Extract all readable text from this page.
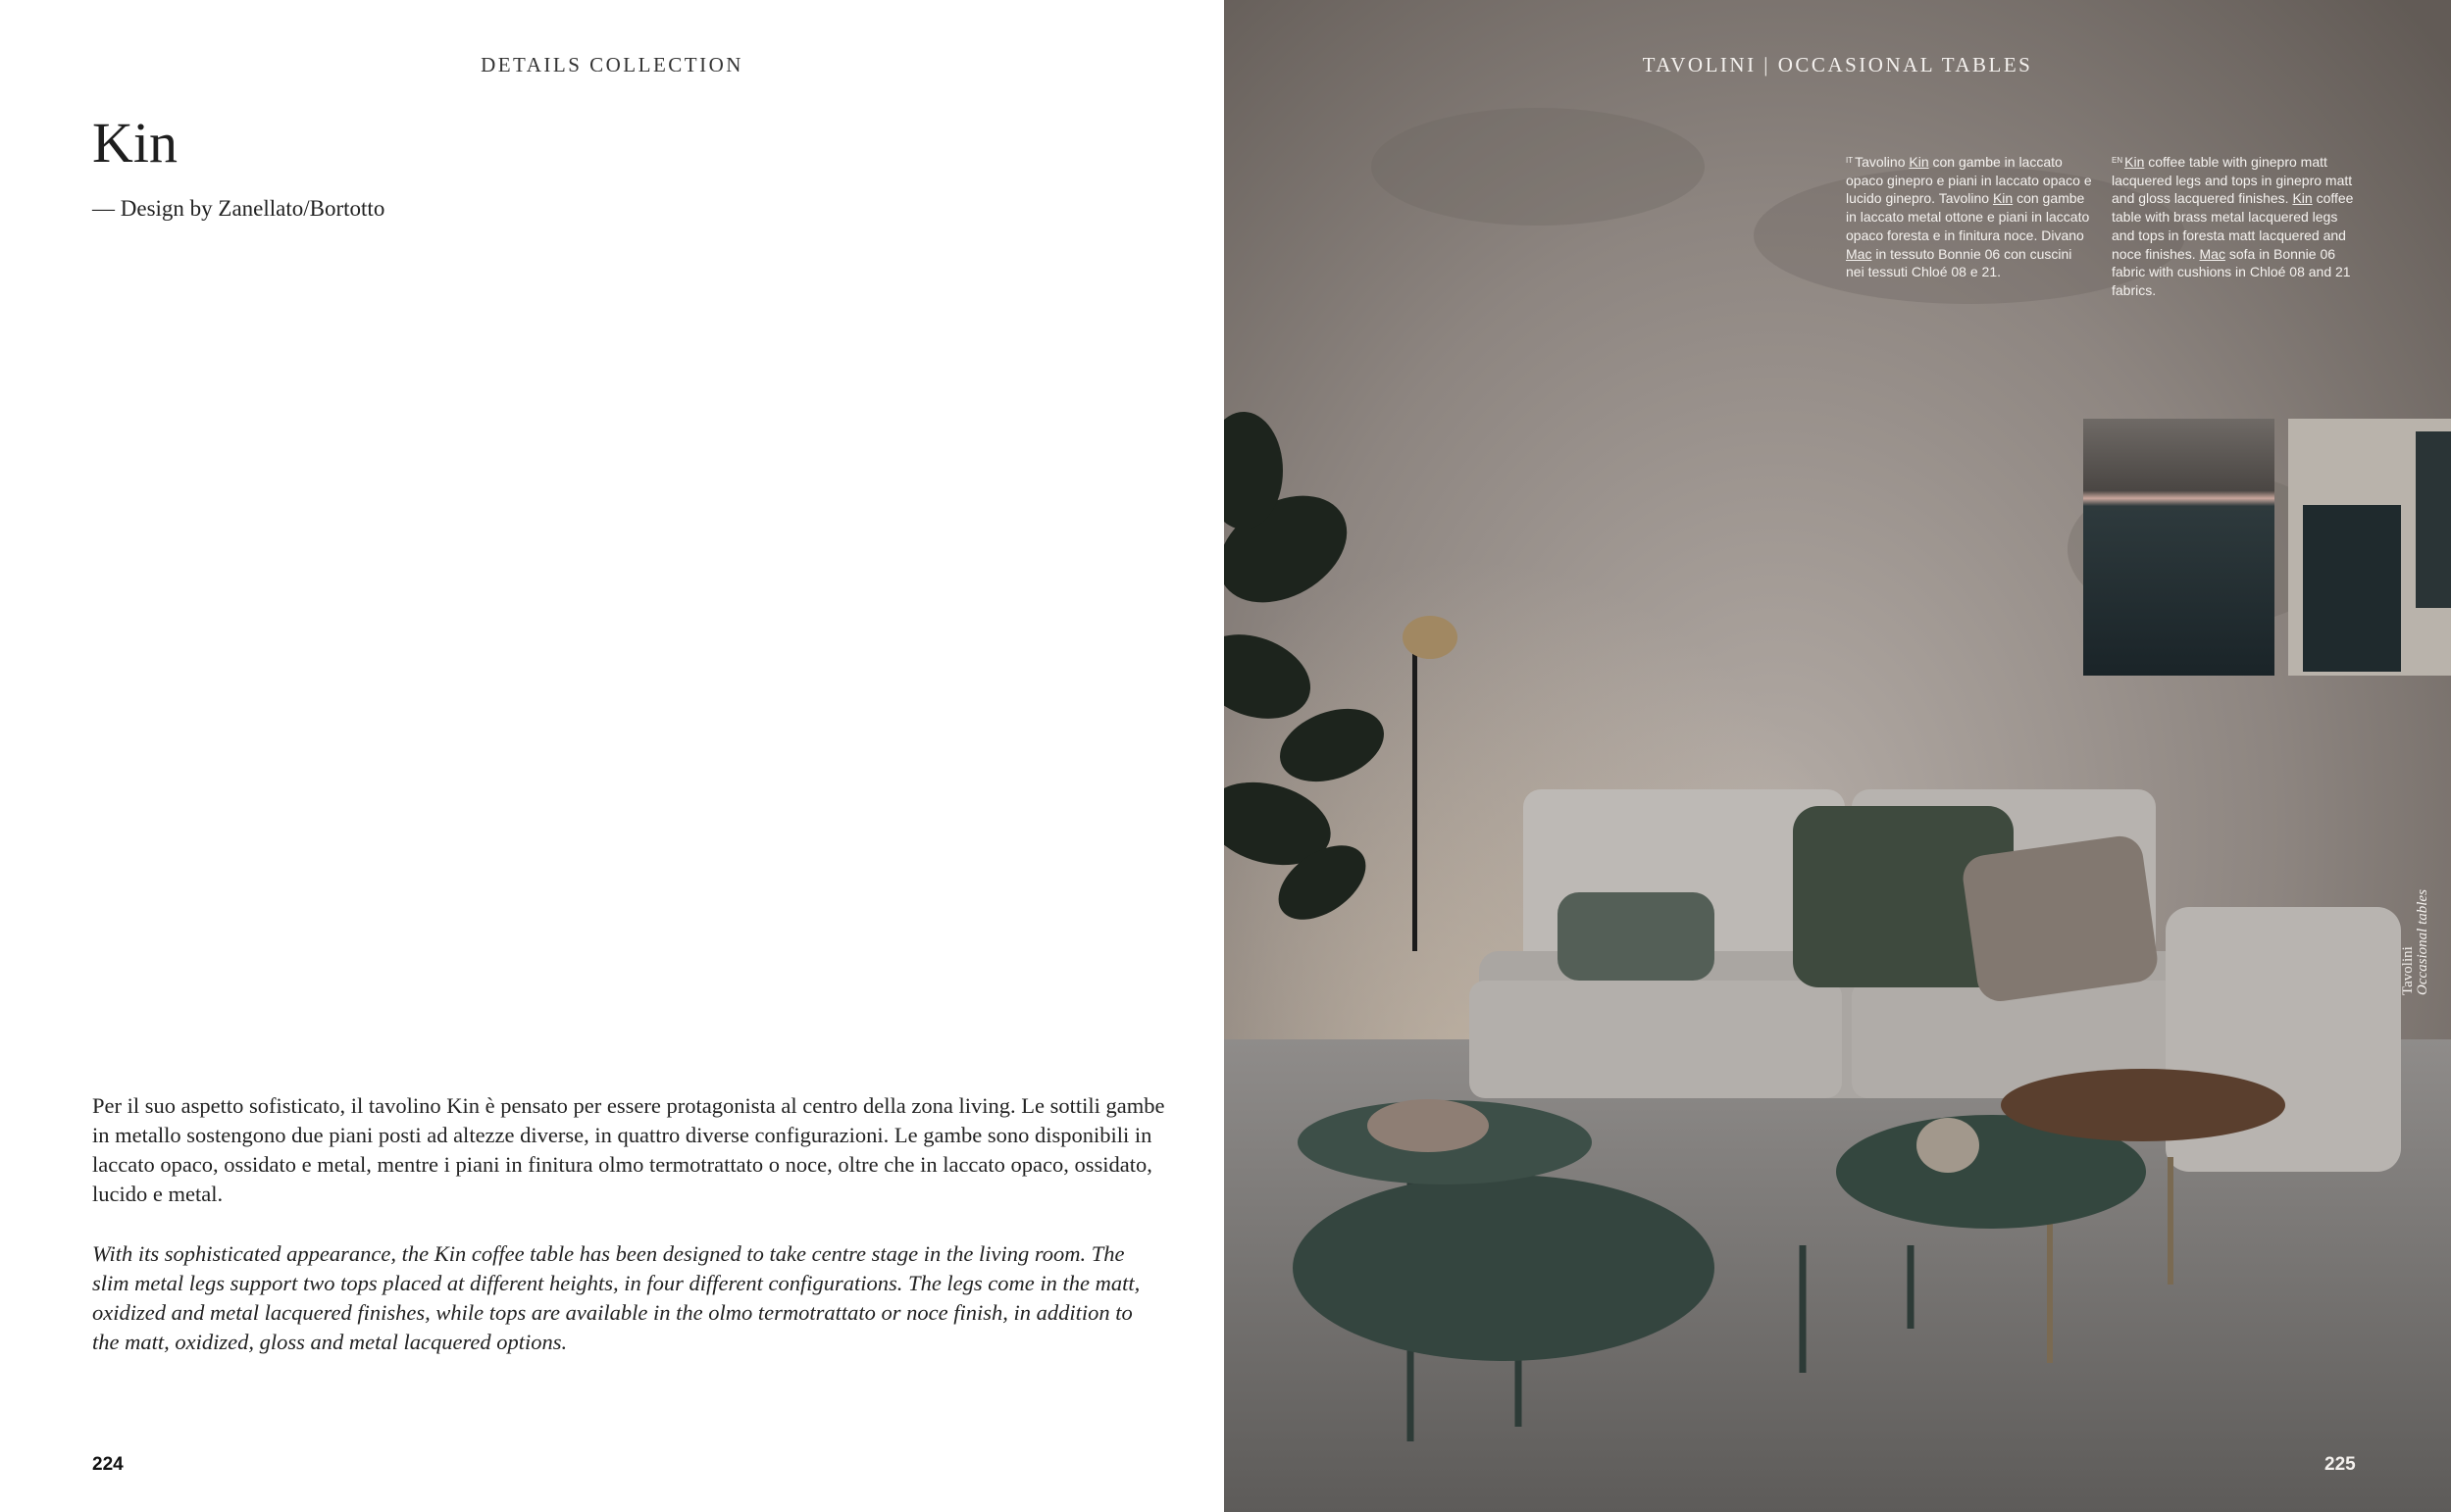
DETAILS COLLECTION
Kin
— Design by Zanellato/Bortotto

Per il suo aspetto sofisticato, il tavolino Kin è pensato per essere protagonista al centro della zona living. Le sottili gambe in metallo sostengono due piani posti ad altezze diverse, in quattro diverse configurazioni. Le gambe sono disponibili in laccato opaco, ossidato e metal, mentre i piani in finitura olmo termotrattato o noce, oltre che in laccato opaco, ossidato, lucido e metal.

With its sophisticated appearance, the Kin coffee table has been designed to take centre stage in the living room. The slim metal legs support two tops placed at different heights, in four different configurations. The legs come in the matt, oxidized and metal lacquered finishes, while tops are available in the olmo termotrattato or noce finish, in addition to the matt, oxidized, gloss and metal lacquered options.

224
TAVOLINI | OCCASIONAL TABLES

$^{IT}$ Tavolino Kin con gambe in laccato opaco ginepro e piani in laccato opaco e lucido ginepro. Tavolino Kin con gambe in laccato metal ottone e piani in laccato opaco foresta e in finitura noce. Divano Mac in tessuto Bonnie 06 con cuscini nei tessuti Chloé 08 e 21.

$^{EN}$ Kin coffee table with ginepro matt lacquered legs and tops in ginepro matt and gloss lacquered finishes. Kin coffee table with brass metal lacquered legs and tops in foresta matt lacquered and noce finishes. Mac sofa in Bonnie 06 fabric with cushions in Chloé 08 and 21 fabrics.

Tavolini Occasional tables
225
